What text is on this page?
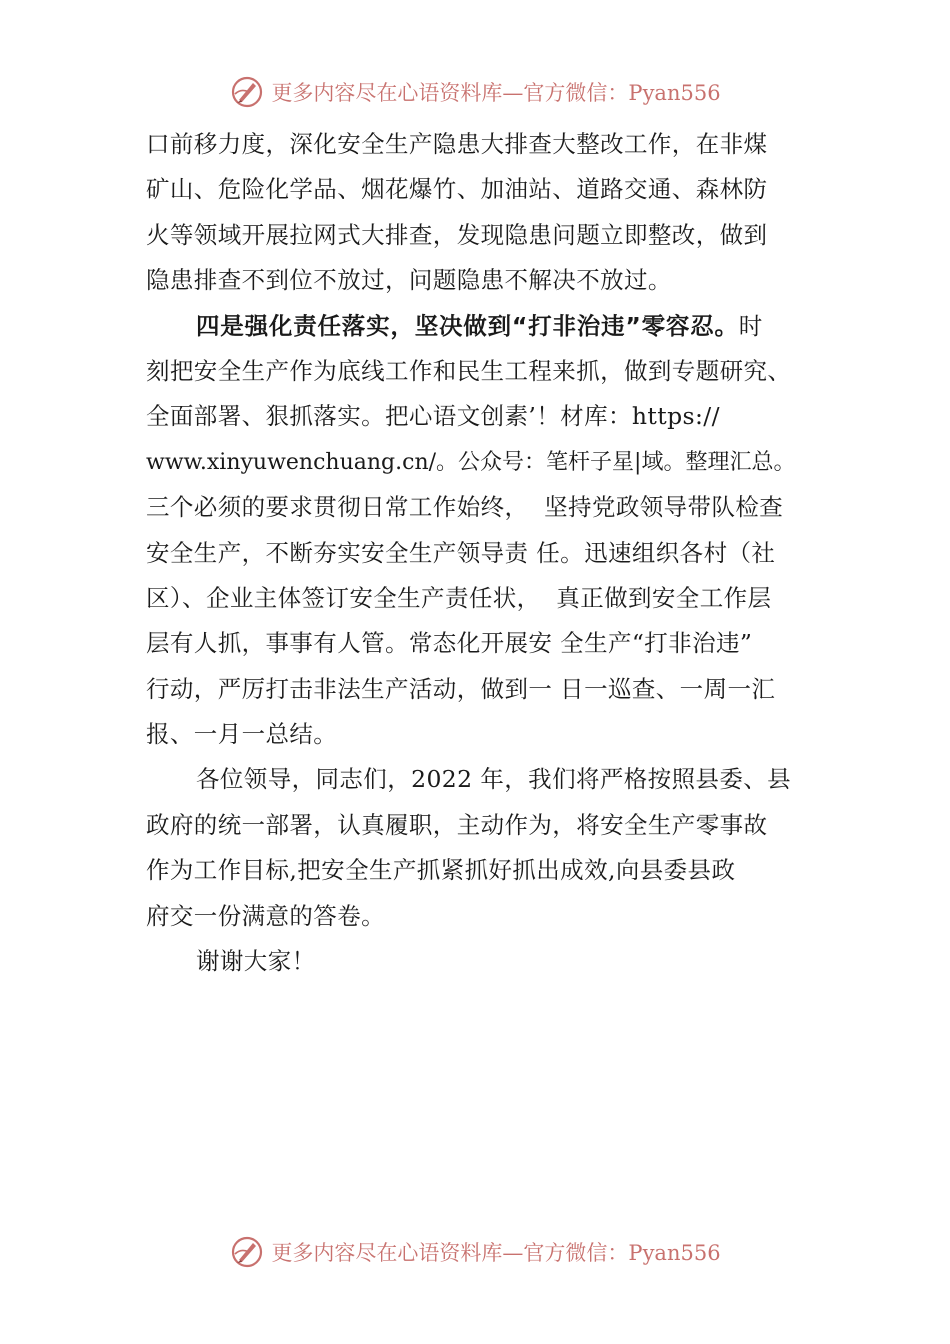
更多内容尽在心语资料库—官方微信：Pyan556
口前移力度，深化安全生产隐患大排查大整改工作，在非煤
矿山、危险化学品、烟花爆竹、加油站、道路交通、森林防
火等领域开展拉网式大排查，发现隐患问题立即整改，做到
隐患排查不到位不放过，问题隐患不解决不放过。
四是强化责任落实，坚决做到“打非治违”零容忍。时
刻把安全生产作为底线工作和民生工程来抓，做到专题研究、
全面部署、狠抓落实。把心语文创素’！材库：https://
www.xinyuwenchuang.cn/。公众号：笔杆子星|域。整理汇总。
三个必须的要求贯彻日常工作始终，  坚持党政领导带队检查
安全生产，不断夯实安全生产领导责 任。迅速组织各村（社
区）、企业主体签订安全生产责任状，  真正做到安全工作层
层有人抓，事事有人管。常态化开展安 全生产“打非治违”
行动，严厉打击非法生产活动，做到一 日一巡查、一周一汇
报、一月一总结。
各位领导，同志们，2022 年，我们将严格按照县委、县
政府的统一部署，认真履职，主动作为，将安全生产零事故
作为工作目标,把安全生产抓紧抓好抓出成效,向县委县政
府交一份满意的答卷。
谢谢大家！
更多内容尽在心语资料库—官方微信：Pyan556
